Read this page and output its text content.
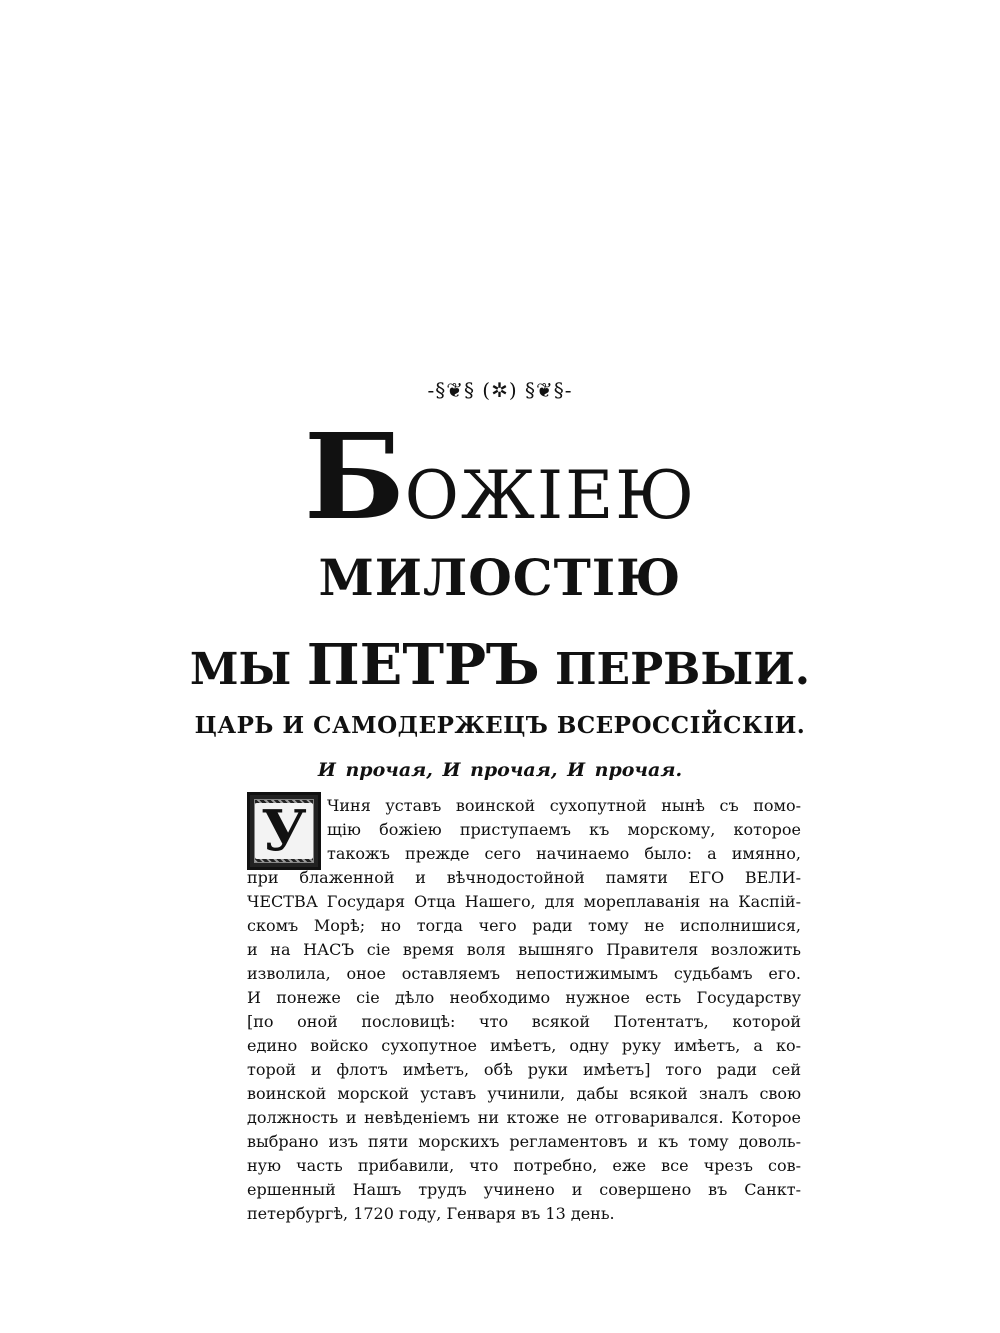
-§❦§ (✲) §❦§-
БОЖІЕЮ
МИЛОСТІЮ
МЫ ПЕТРЪ ПЕРВЫИ.
ЦАРЬ И САМОДЕРЖЕЦЪ ВСЕРОССІЙСКІИ.
И прочая, И прочая, И прочая.
У	Чиня уставъ воинской сухопутной нынѣ съ помо-
щію божіею приступаемъ къ морскому, которое
такожъ прежде сего начинаемо было: а имянно,
при блаженной и вѣчнодостойной памяти ЕГО ВЕЛИ-
ЧЕСТВА Государя Отца Нашего, для мореплаванія на Каспій-
скомъ Морѣ; но тогда чего ради тому не исполнишися,
и на НАСЪ сіе время воля вышняго Правителя возложить
изволила, оное оставляемъ непостижимымъ судьбамъ его.
И понеже сіе дѣло необходимо нужное есть Государству
[по оной пословицѣ: что всякой Потентатъ, которой
едино войско сухопутное имѣетъ, одну руку имѣетъ, а ко-
торой и флотъ имѣетъ, обѣ руки имѣетъ] того ради сей
воинской морской уставъ учинили, дабы всякой зналъ свою
должность и невѣденіемъ ни ктоже не отговаривался. Которое
выбрано изъ пяти морскихъ регламентовъ и къ тому доволь-
ную часть прибавили, что потребно, еже все чрезъ сов-
ершенный Нашъ трудъ учинено и совершено въ Санкт-
петербургѣ, 1720 году, Генваря въ 13 день.
